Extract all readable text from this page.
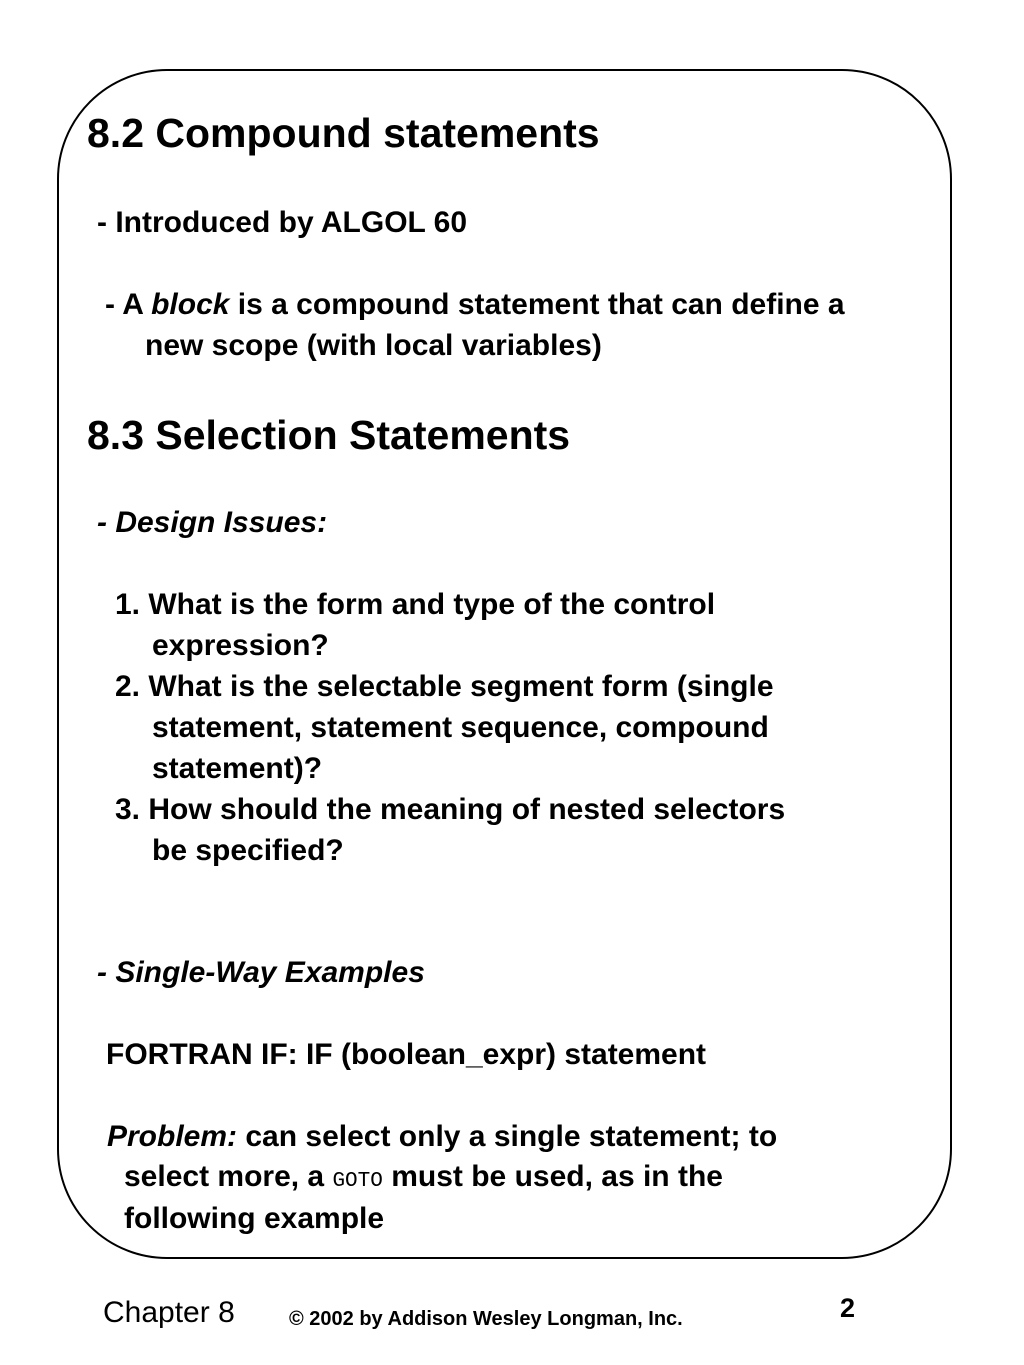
8.2 Compound statements
- Introduced by ALGOL 60
- A block is a compound statement that can define a
new scope (with local variables)
8.3 Selection Statements
- Design Issues:
1. What is the form and type of the control
expression?
2. What is the selectable segment form (single
statement, statement sequence, compound
statement)?
3. How should the meaning of nested selectors
be specified?
- Single-Way Examples
FORTRAN IF: IF (boolean_expr) statement
Problem: can select only a single statement; to
select more, a GOTO must be used, as in the
following example
Chapter 8	© 2002 by Addison Wesley Longman, Inc.	2
